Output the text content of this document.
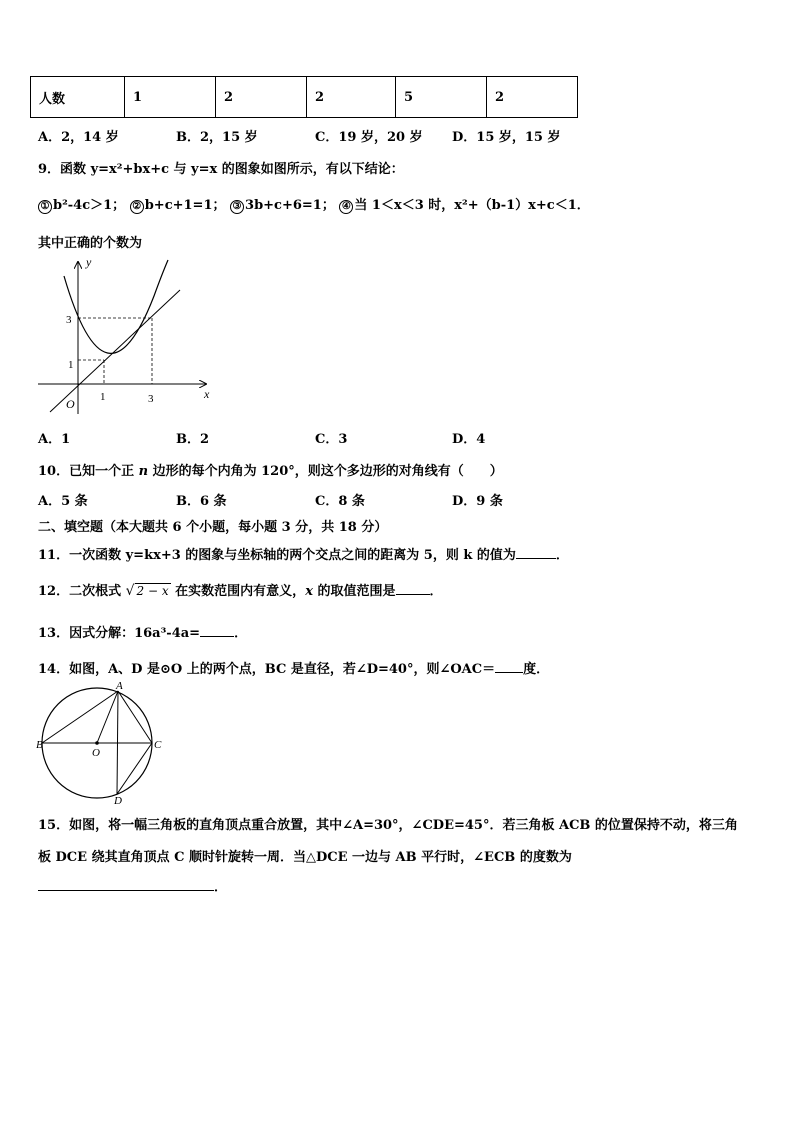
人数	1	2	2	5	2
A．2，14 岁	B．2，15 岁	C．19 岁，20 岁 D．15 岁，15 岁
9．函数 y=x²+bx+c 与 y=x 的图象如图所示，有以下结论：
① b²-4c＞1； ② b+c+1=1； ③ 3b+c+6=1； ④ 当 1＜x＜3 时，x²+（b-1）x+c＜1．
其中正确的个数为
y
x
O 1	3
1
3
A．1	B．2	C．3	D．4
10．已知一个正 n 边形的每个内角为 120°，则这个多边形的对角线有（　　）
A．5 条	B．6 条	C．8 条	D．9 条
二、填空题（本大题共 6 个小题，每小题 3 分，共 18 分）
11．一次函数 y=kx+3 的图象与坐标轴的两个交点之间的距离为 5，则 k 的值为	．
12．二次根式 √ 2 − x 在实数范围内有意义，x 的取值范围是	．
13．因式分解：16a³-4a=	．
14．如图，A、D 是⊙O 上的两个点，BC 是直径，若∠D=40°，则∠OAC＝ 度．
A
B	C
D
O
15．如图，将一幅三角板的直角顶点重合放置，其中∠A=30°，∠CDE=45°．若三角板 ACB 的位置保持不动，将三角
板 DCE 绕其直角顶点 C 顺时针旋转一周．当△DCE 一边与 AB 平行时，∠ECB 的度数为
．
